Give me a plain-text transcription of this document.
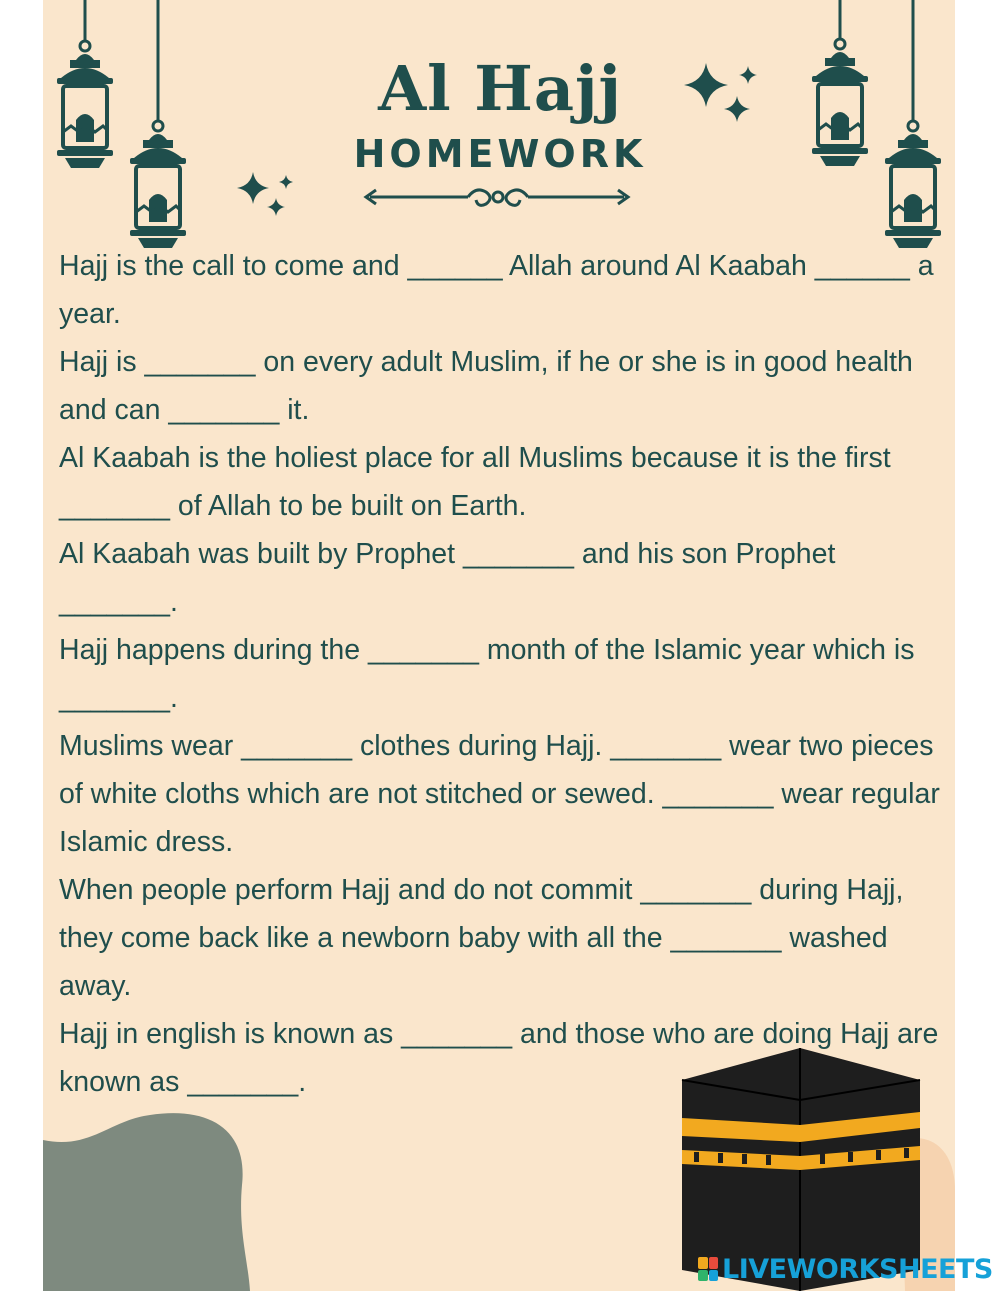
Al Hajj
HOMEWORK

Hajj is the call to come and ______ Allah around Al Kaabah ______ a year.

Hajj is _______ on every adult Muslim, if he or she is in good health and can _______ it.

Al Kaabah is the holiest place for all Muslims because it is the first _______ of Allah to be built on Earth.

Al Kaabah was built by Prophet _______ and his son Prophet _______.

Hajj happens during the _______ month of the Islamic year which is _______.

Muslims wear _______ clothes during Hajj. _______ wear two pieces of white cloths which are not stitched or sewed. _______ wear regular Islamic dress.

When people perform Hajj and do not commit _______ during Hajj, they come back like a newborn baby with all the _______ washed away.

Hajj in english is known as _______ and those who are doing Hajj are known as _______.

LIVEWORKSHEETS
